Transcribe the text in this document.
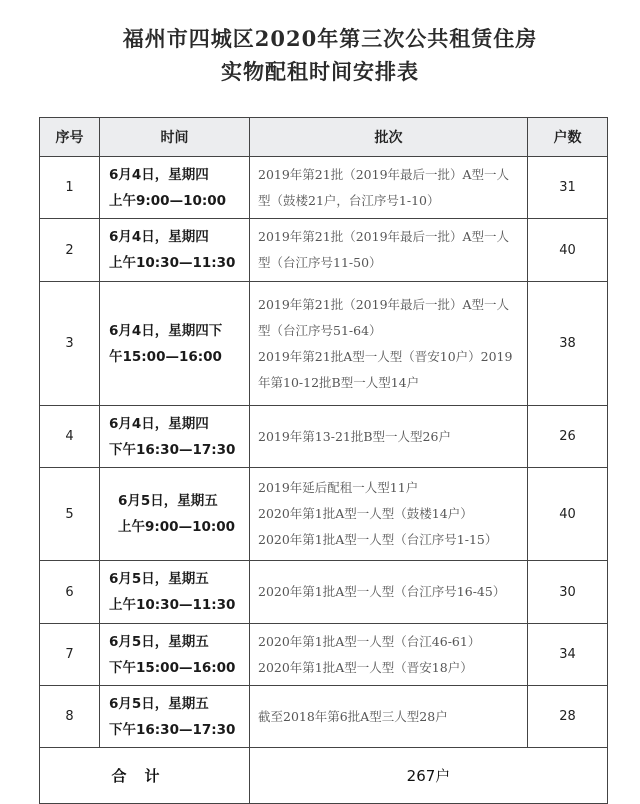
福州市四城区2020年第三次公共租赁住房
实物配租时间安排表
序号	时间	批次	户数
1	6月4日，星期四
上午9:00—10:00	2019年第21批（2019年最后一批）A型一人
型（鼓楼21户，台江序号1-10）	31
2	6月4日，星期四
上午10:30—11:30	2019年第21批（2019年最后一批）A型一人
型（台江序号11-50）	40
3	6月4日，星期四下
午15:00—16:00	2019年第21批（2019年最后一批）A型一人
型（台江序号51-64）
2019年第21批A型一人型（晋安10户）2019
年第10-12批B型一人型14户	38
4	6月4日，星期四
下午16:30—17:30	2019年第13-21批B型一人型26户	26
5	6月5日，星期五
上午9:00—10:00	2019年延后配租一人型11户
2020年第1批A型一人型（鼓楼14户）
2020年第1批A型一人型（台江序号1-15）	40
6	6月5日，星期五
上午10:30—11:30	2020年第1批A型一人型（台江序号16-45）	30
7	6月5日，星期五
下午15:00—16:00	2020年第1批A型一人型（台江46-61）
2020年第1批A型一人型（晋安18户）	34
8	6月5日，星期五
下午16:30—17:30	截至2018年第6批A型三人型28户	28
合计		267户	
